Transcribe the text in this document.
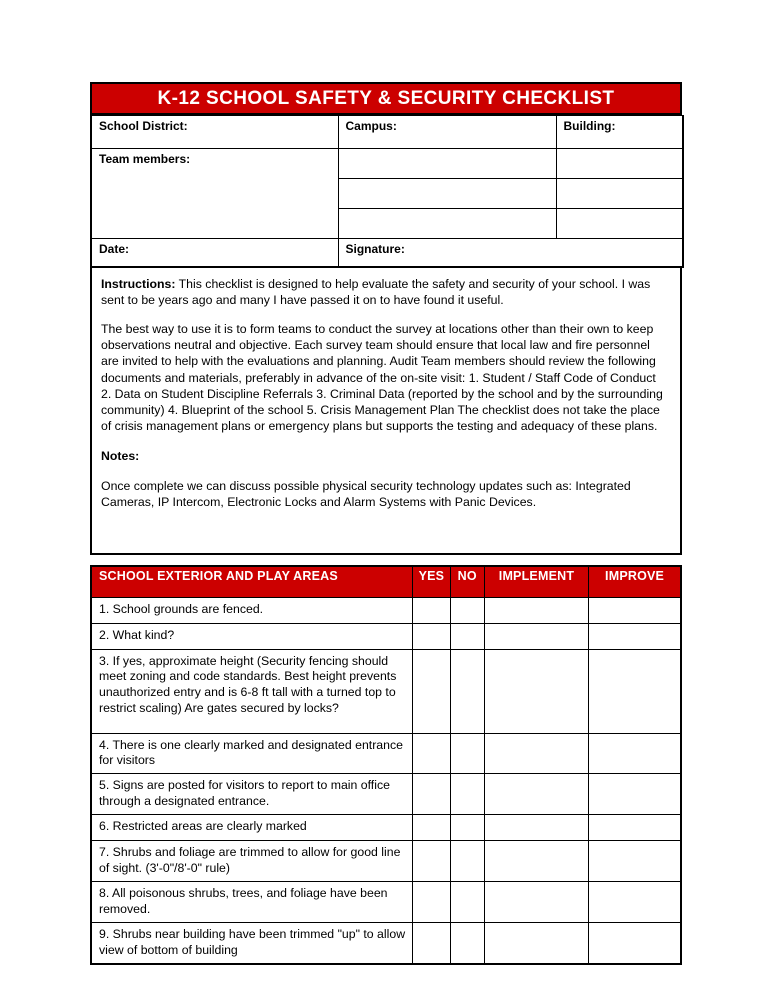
K-12 SCHOOL SAFETY & SECURITY CHECKLIST
School District:	Campus:	Building:
Team members:		

Date:	Signature:	

Instructions: This checklist is designed to help evaluate the safety and security of your school. I was sent to be years ago and many I have passed it on to have found it useful.

The best way to use it is to form teams to conduct the survey at locations other than their own to keep observations neutral and objective. Each survey team should ensure that local law and fire personnel are invited to help with the evaluations and planning. Audit Team members should review the following documents and materials, preferably in advance of the on-site visit: 1. Student / Staff Code of Conduct 2. Data on Student Discipline Referrals 3. Criminal Data (reported by the school and by the surrounding community) 4. Blueprint of the school 5. Crisis Management Plan The checklist does not take the place of crisis management plans or emergency plans but supports the testing and adequacy of these plans.

Notes:

Once complete we can discuss possible physical security technology updates such as: Integrated Cameras, IP Intercom, Electronic Locks and Alarm Systems with Panic Devices.

SCHOOL EXTERIOR AND PLAY AREAS	YES	NO	IMPLEMENT	IMPROVE
1. School grounds are fenced.				
2. What kind?				
3. If yes, approximate height (Security fencing should meet zoning and code standards. Best height prevents unauthorized entry and is 6-8 ft tall with a turned top to restrict scaling) Are gates secured by locks?				
4. There is one clearly marked and designated entrance for visitors				
5. Signs are posted for visitors to report to main office through a designated entrance.				
6. Restricted areas are clearly marked				
7. Shrubs and foliage are trimmed to allow for good line of sight. (3'-0"/8'-0" rule)				
8. All poisonous shrubs, trees, and foliage have been removed.				
9. Shrubs near building have been trimmed "up" to allow view of bottom of building				
